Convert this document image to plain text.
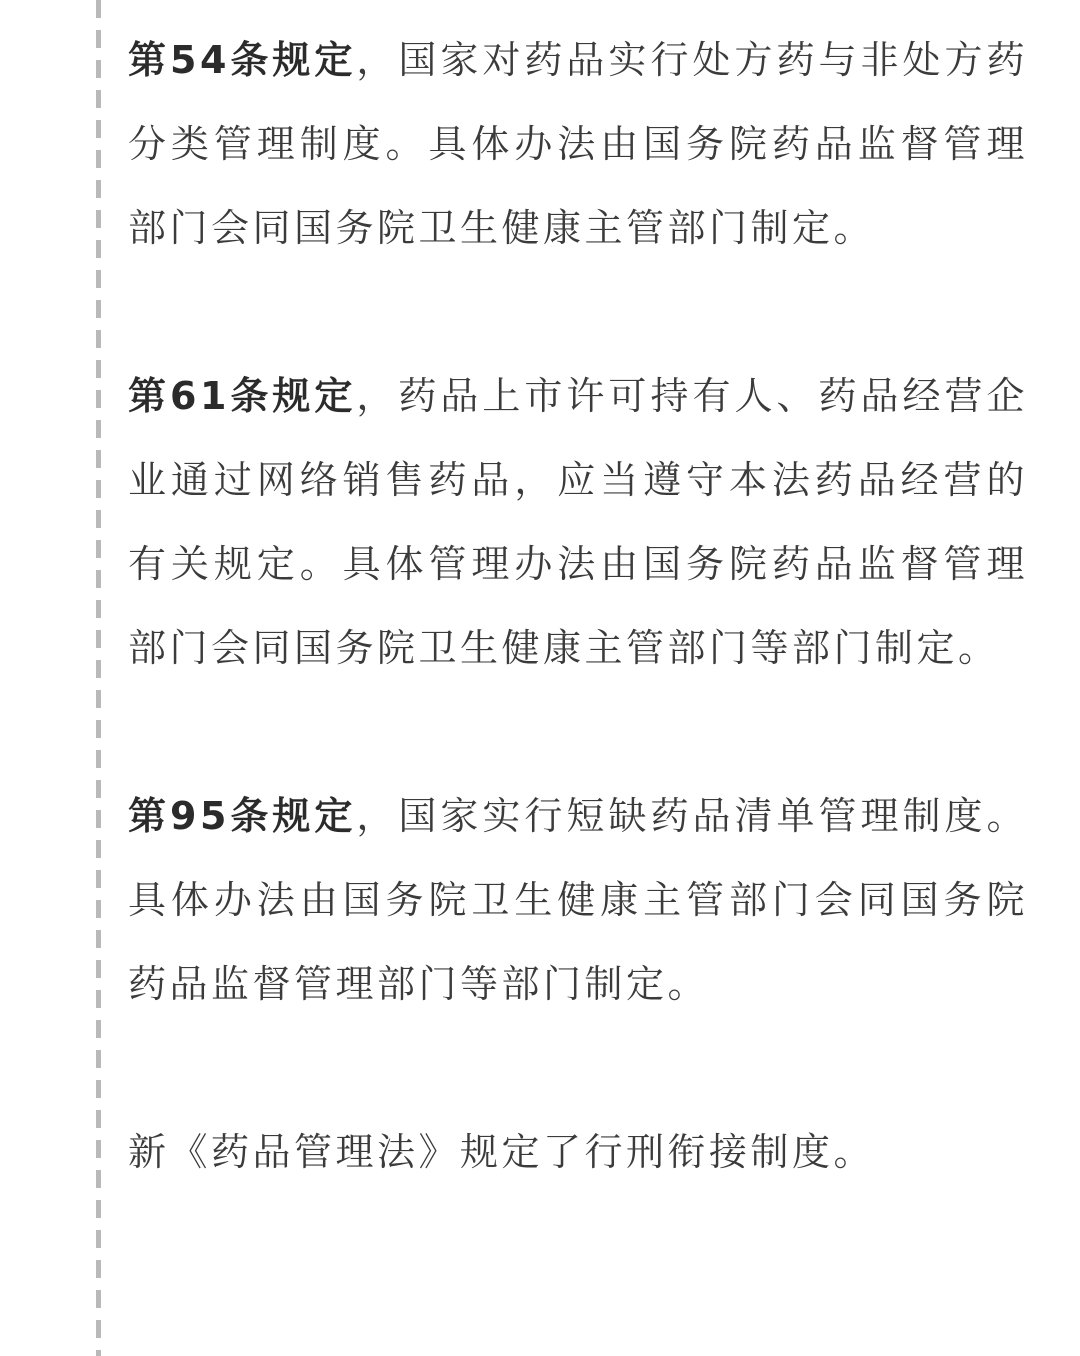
第54条规定，国家对药品实行处方药与非处方药分类管理制度。具体办法由国务院药品监督管理部门会同国务院卫生健康主管部门制定。

第61条规定，药品上市许可持有人、药品经营企业通过网络销售药品，应当遵守本法药品经营的有关规定。具体管理办法由国务院药品监督管理部门会同国务院卫生健康主管部门等部门制定。

第95条规定，国家实行短缺药品清单管理制度。具体办法由国务院卫生健康主管部门会同国务院药品监督管理部门等部门制定。

新《药品管理法》规定了行刑衔接制度。
